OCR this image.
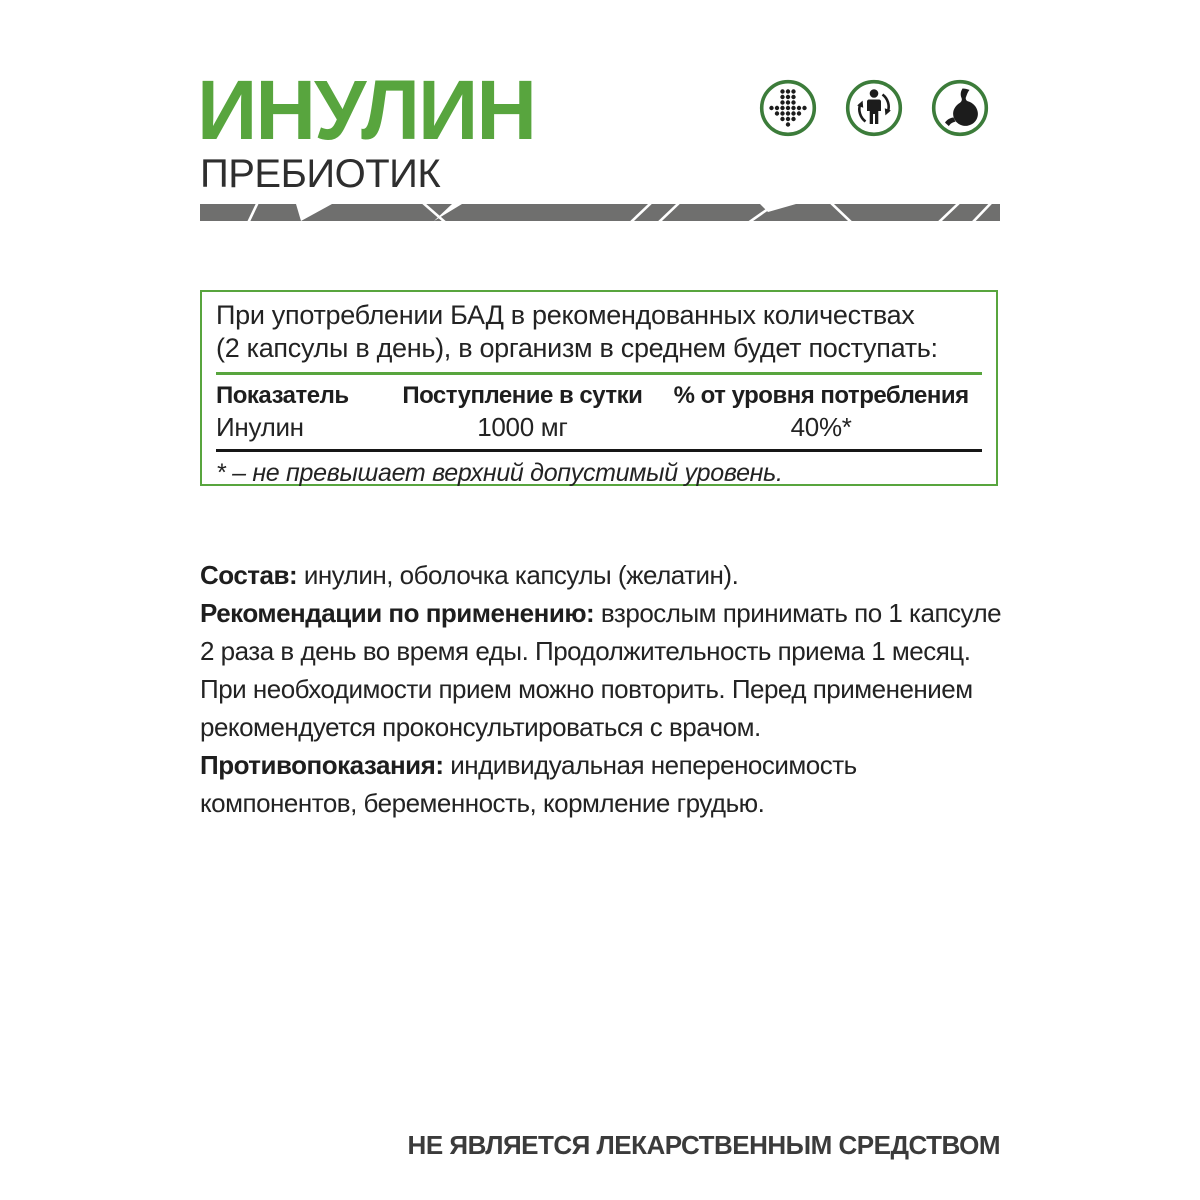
ИНУЛИН
ПРЕБИОТИК
При употреблении БАД в рекомендованных количествах
(2 капсулы в день), в организм в среднем будет поступать:
Показатель	Поступление в сутки	% от уровня потребления
Инулин	1000 мг	40%*
* – не превышает верхний допустимый уровень.

Состав: инулин, оболочка капсулы (желатин).

Рекомендации по применению: взрослым принимать по 1 капсуле 2 раза в день во время еды. Продолжительность приема 1 месяц.

При необходимости прием можно повторить. Перед применением рекомендуется проконсультироваться с врачом.

Противопоказания: индивидуальная непереносимость компонентов, беременность, кормление грудью.

НЕ ЯВЛЯЕТСЯ ЛЕКАРСТВЕННЫМ СРЕДСТВОМ
